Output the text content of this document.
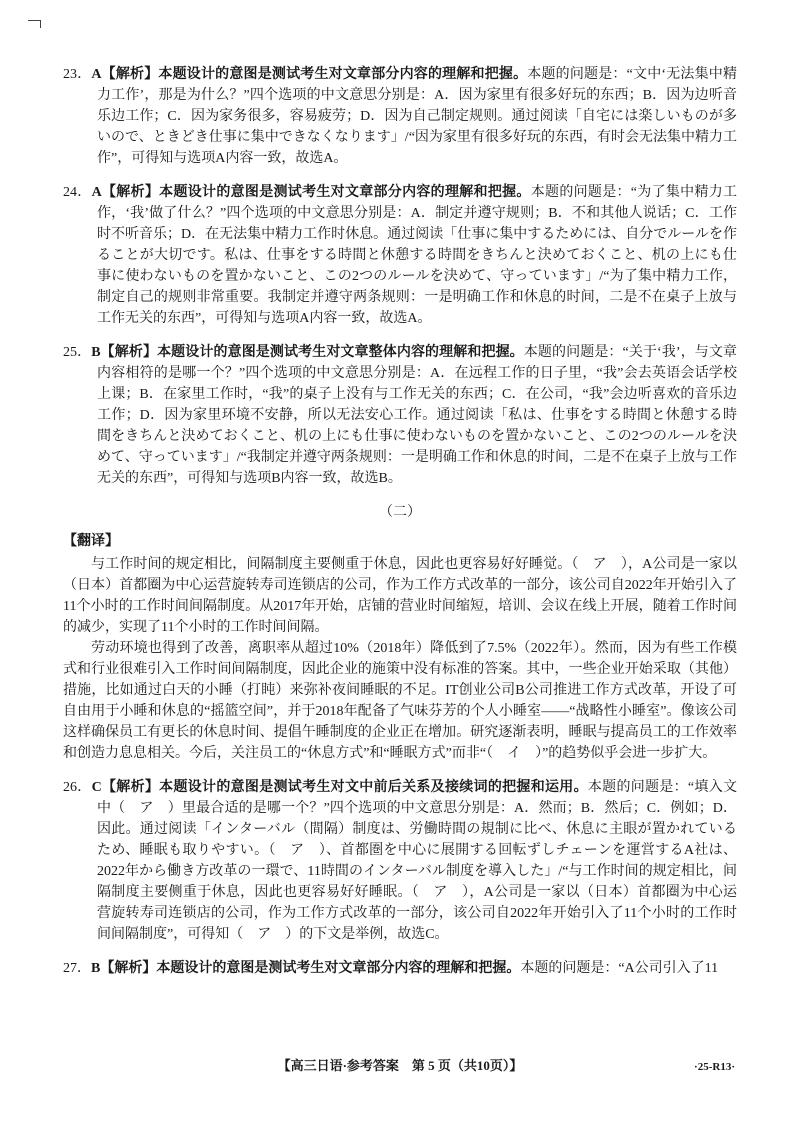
23．A【解析】本题设计的意图是测试考生对文章部分内容的理解和把握。本题的问题是：“文中‘无法集中精力工作’，那是为什么？”四个选项的中文意思分别是：A．因为家里有很多好玩的东西；B．因为边听音乐边工作；C．因为家务很多，容易疲劳；D．因为自己制定规则。通过阅读「自宅には楽しいものが多いので、ときどき仕事に集中できなくなります」/“因为家里有很多好玩的东西，有时会无法集中精力工作”，可得知与选项A内容一致，故选A。

24．A【解析】本题设计的意图是测试考生对文章部分内容的理解和把握。本题的问题是：“为了集中精力工作，‘我’做了什么？”四个选项的中文意思分别是：A．制定并遵守规则；B．不和其他人说话；C．工作时不听音乐；D．在无法集中精力工作时休息。通过阅读「仕事に集中するためには、自分でルールを作ることが大切です。私は、仕事をする時間と休憩する時間をきちんと決めておくこと、机の上にも仕事に使わないものを置かないこと、この2つのルールを決めて、守っています」/“为了集中精力工作，制定自己的规则非常重要。我制定并遵守两条规则：一是明确工作和休息的时间，二是不在桌子上放与工作无关的东西”，可得知与选项A内容一致，故选A。

25．B【解析】本题设计的意图是测试考生对文章整体内容的理解和把握。本题的问题是：“关于‘我’，与文章内容相符的是哪一个？”四个选项的中文意思分别是：A．在远程工作的日子里，“我”会去英语会话学校上课；B．在家里工作时，“我”的桌子上没有与工作无关的东西；C．在公司，“我”会边听喜欢的音乐边工作；D．因为家里环境不安静，所以无法安心工作。通过阅读「私は、仕事をする時間と休憩する時間をきちんと決めておくこと、机の上にも仕事に使わないものを置かないこと、この2つのルールを決めて、守っています」/“我制定并遵守两条规则：一是明确工作和休息的时间，二是不在桌子上放与工作无关的东西”，可得知与选项B内容一致，故选B。

（二）

【翻译】

与工作时间的规定相比，间隔制度主要侧重于休息，因此也更容易好好睡觉。（　ア　），A公司是一家以（日本）首都圈为中心运营旋转寿司连锁店的公司，作为工作方式改革的一部分，该公司自2022年开始引入了11个小时的工作时间间隔制度。从2017年开始，店铺的营业时间缩短，培训、会议在线上开展，随着工作时间的减少，实现了11个小时的工作时间间隔。

劳动环境也得到了改善，离职率从超过10%（2018年）降低到了7.5%（2022年）。然而，因为有些工作模式和行业很难引入工作时间间隔制度，因此企业的施策中没有标准的答案。其中，一些企业开始采取（其他）措施，比如通过白天的小睡（打盹）来弥补夜间睡眠的不足。IT创业公司B公司推进工作方式改革，开设了可自由用于小睡和休息的“摇篮空间”，并于2018年配备了气味芬芳的个人小睡室——“战略性小睡室”。像该公司这样确保员工有更长的休息时间、提倡午睡制度的企业正在增加。研究逐渐表明，睡眠与提高员工的工作效率和创造力息息相关。今后，关注员工的“休息方式”和“睡眠方式”而非“（　イ　）”的趋势似乎会进一步扩大。

26．C【解析】本题设计的意图是测试考生对文中前后关系及接续词的把握和运用。本题的问题是：“填入文中（　ア　）里最合适的是哪一个？”四个选项的中文意思分别是：A．然而；B．然后；C．例如；D．因此。通过阅读「インターバル（間隔）制度は、労働時間の規制に比べ、休息に主眼が置かれているため、睡眠も取りやすい。（　ア　）、首都圏を中心に展開する回転ずしチェーンを運営するA社は、2022年から働き方改革の一環で、11時間のインターバル制度を導入した」/“与工作时间的规定相比，间隔制度主要侧重于休息，因此也更容易好好睡眠。（　ア　），A公司是一家以（日本）首都圈为中心运营旋转寿司连锁店的公司，作为工作方式改革的一部分，该公司自2022年开始引入了11个小时的工作时间间隔制度”，可得知（　ア　）的下文是举例，故选C。

27．B【解析】本题设计的意图是测试考生对文章部分内容的理解和把握。本题的问题是：“A公司引入了11

【高三日语·参考答案　第 5 页（共10页）】	·25-R13·
